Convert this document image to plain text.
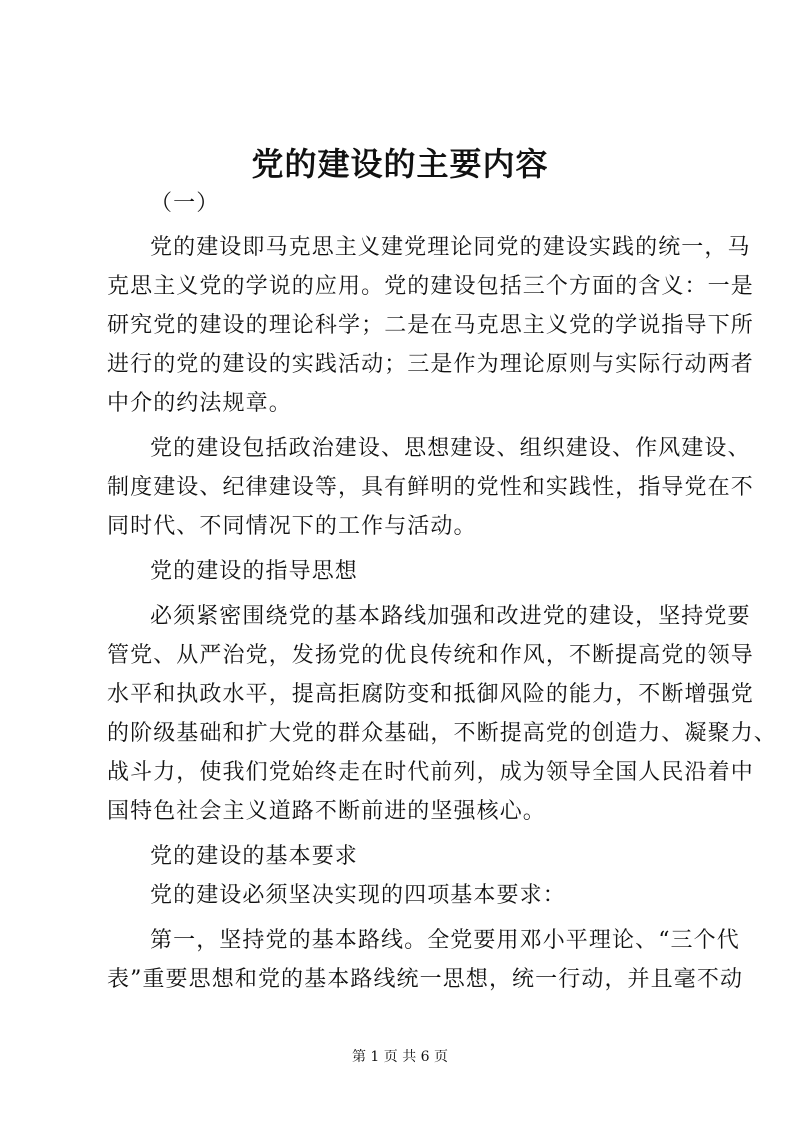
党的建设的主要内容
（一）
党的建设即马克思主义建党理论同党的建设实践的统一，马
克思主义党的学说的应用。党的建设包括三个方面的含义：一是
研究党的建设的理论科学；二是在马克思主义党的学说指导下所
进行的党的建设的实践活动；三是作为理论原则与实际行动两者
中介的约法规章。
党的建设包括政治建设、思想建设、组织建设、作风建设、
制度建设、纪律建设等，具有鲜明的党性和实践性，指导党在不
同时代、不同情况下的工作与活动。
党的建设的指导思想
必须紧密围绕党的基本路线加强和改进党的建设，坚持党要
管党、从严治党，发扬党的优良传统和作风，不断提高党的领导
水平和执政水平，提高拒腐防变和抵御风险的能力，不断增强党
的阶级基础和扩大党的群众基础，不断提高党的创造力、凝聚力、
战斗力，使我们党始终走在时代前列，成为领导全国人民沿着中
国特色社会主义道路不断前进的坚强核心。
党的建设的基本要求
党的建设必须坚决实现的四项基本要求：
第一，坚持党的基本路线。全党要用邓小平理论、“三个代
表”重要思想和党的基本路线统一思想，统一行动，并且毫不动
第 1 页 共 6 页
